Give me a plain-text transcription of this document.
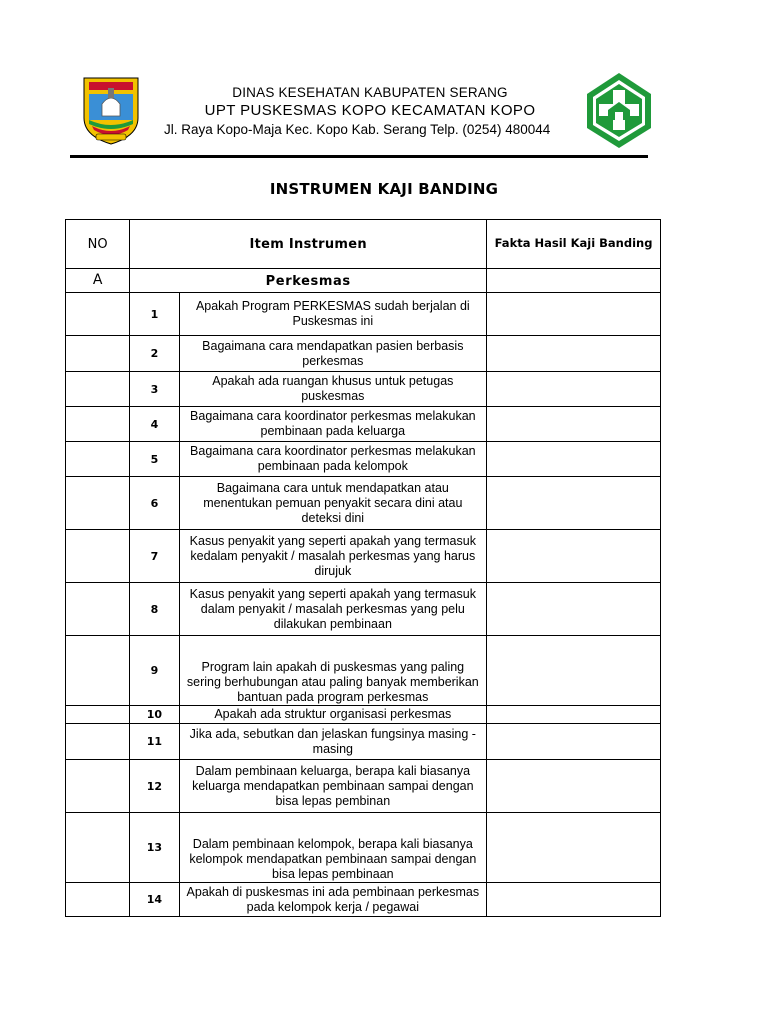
DINAS KESEHATAN KABUPATEN SERANG
UPT PUSKESMAS KOPO KECAMATAN KOPO
Jl. Raya Kopo-Maja Kec. Kopo Kab. Serang Telp. (0254) 480044
INSTRUMEN KAJI BANDING
NO	Item Instrumen		Fakta Hasil Kaji Banding
A	Perkesmas		
	1	Apakah Program PERKESMAS sudah berjalan di Puskesmas ini	
	2	Bagaimana cara mendapatkan pasien berbasis perkesmas	
	3	Apakah ada ruangan khusus untuk petugas puskesmas	
	4	Bagaimana cara koordinator perkesmas melakukan pembinaan pada keluarga	
	5	Bagaimana cara koordinator perkesmas melakukan pembinaan pada kelompok	
	6	Bagaimana cara untuk mendapatkan atau menentukan pemuan penyakit secara dini atau deteksi dini	
	7	Kasus penyakit yang seperti apakah yang termasuk kedalam penyakit / masalah perkesmas yang harus dirujuk	
	8	Kasus penyakit yang seperti apakah yang termasuk dalam penyakit / masalah perkesmas yang pelu dilakukan pembinaan	
	9	Program lain apakah di puskesmas yang paling sering berhubungan atau paling banyak memberikan bantuan pada program perkesmas	
	10	Apakah ada struktur organisasi perkesmas	
	11	Jika ada, sebutkan dan jelaskan fungsinya masing - masing	
	12	Dalam pembinaan keluarga, berapa kali biasanya keluarga mendapatkan pembinaan sampai dengan bisa lepas pembinan	
	13	Dalam pembinaan kelompok, berapa kali biasanya kelompok mendapatkan pembinaan sampai dengan bisa lepas pembinaan	
	14	Apakah di puskesmas ini ada pembinaan perkesmas pada kelompok kerja / pegawai	
